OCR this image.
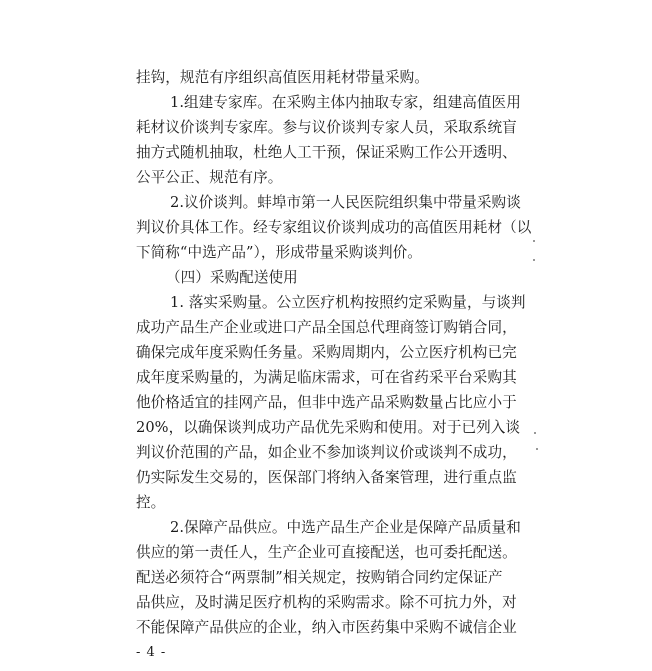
挂钩，规范有序组织高值医用耗材带量采购。
1.组建专家库。在采购主体内抽取专家，组建高值医用
耗材议价谈判专家库。参与议价谈判专家人员，采取系统盲
抽方式随机抽取，杜绝人工干预，保证采购工作公开透明、
公平公正、规范有序。
2.议价谈判。蚌埠市第一人民医院组织集中带量采购谈
判议价具体工作。经专家组议价谈判成功的高值医用耗材（以
下简称“中选产品”），形成带量采购谈判价。
（四）采购配送使用
1. 落实采购量。公立医疗机构按照约定采购量，与谈判
成功产品生产企业或进口产品全国总代理商签订购销合同，
确保完成年度采购任务量。采购周期内，公立医疗机构已完
成年度采购量的，为满足临床需求，可在省药采平台采购其
他价格适宜的挂网产品，但非中选产品采购数量占比应小于
20%，以确保谈判成功产品优先采购和使用。对于已列入谈
判议价范围的产品，如企业不参加谈判议价或谈判不成功，
仍实际发生交易的，医保部门将纳入备案管理，进行重点监
控。
2.保障产品供应。中选产品生产企业是保障产品质量和
供应的第一责任人，生产企业可直接配送，也可委托配送。
配送必须符合“两票制”相关规定，按购销合同约定保证产
品供应，及时满足医疗机构的采购需求。除不可抗力外，对
不能保障产品供应的企业，纳入市医药集中采购不诚信企业
- 4 -
